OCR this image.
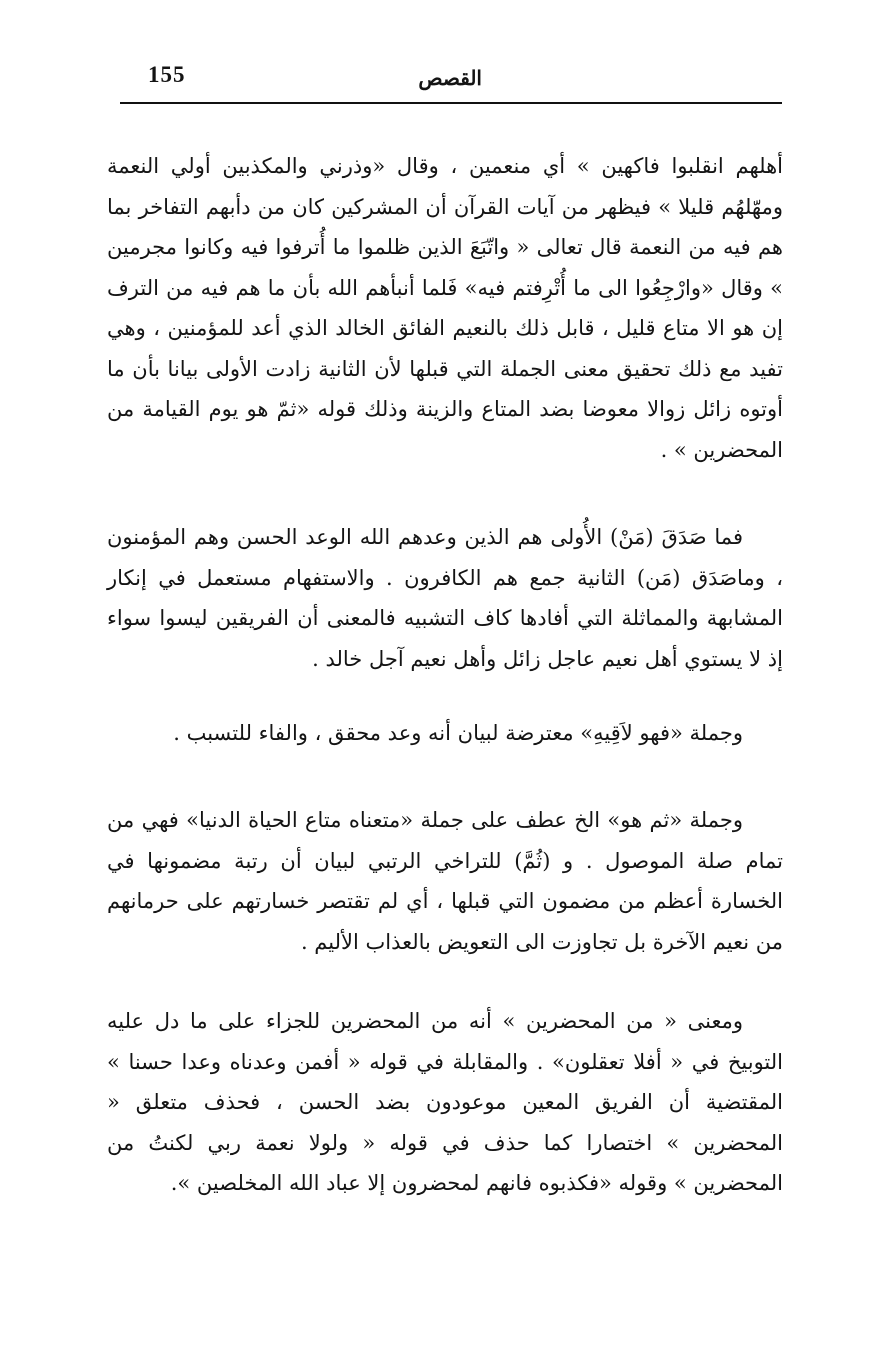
155	القصص

أهلهم انقلبوا فاكهين » أي منعمين ، وقال «وذرني والمكذبين أولي النعمة ومهّلهُم قليلا » فيظهر من آيات القرآن أن المشركين كان من دأبهم التفاخر بما هم فيه من النعمة قال تعالى « واتّبَعَ الذين ظلموا ما أُترفوا فيه وكانوا مجرمين » وقال «وارْجِعُوا الى ما أُتْرِفتم فيه» فَلما أنبأهم الله بأن ما هم فيه من الترف إن هو الا متاع قليل ، قابل ذلك بالنعيم الفائق الخالد الذي أعد للمؤمنين ، وهي تفيد مع ذلك تحقيق معنى الجملة التي قبلها لأن الثانية زادت الأولى بيانا بأن ما أوتوه زائل زوالا معوضا بضد المتاع والزينة وذلك قوله «ثمّ هو يوم القيامة من المحضرين » .

فما صَدَقَ (مَنْ) الأُولى هم الذين وعدهم الله الوعد الحسن وهم المؤمنون ، وماصَدَق (مَن) الثانية جمع هم الكافرون . والاستفهام مستعمل في إنكار المشابهة والمماثلة التي أفادها كاف التشبيه فالمعنى أن الفريقين ليسوا سواء إذ لا يستوي أهل نعيم عاجل زائل وأهل نعيم آجل خالد .

وجملة «فهو لاَقِيهِ» معترضة لبيان أنه وعد محقق ، والفاء للتسبب .

وجملة «ثم هو» الخ عطف على جملة «متعناه متاع الحياة الدنيا» فهي من تمام صلة الموصول . و (ثُمَّ) للتراخي الرتبي لبيان أن رتبة مضمونها في الخسارة أعظم من مضمون التي قبلها ، أي لم تقتصر خسارتهم على حرمانهم من نعيم الآخرة بل تجاوزت الى التعويض بالعذاب الأليم .

ومعنى « من المحضرين » أنه من المحضرين للجزاء على ما دل عليه التوبيخ في « أفلا تعقلون» . والمقابلة في قوله « أفمن وعدناه وعدا حسنا » المقتضية أن الفريق المعين موعودون بضد الحسن ، فحذف متعلق « المحضرين » اختصارا كما حذف في قوله « ولولا نعمة ربي لكنتُ من المحضرين » وقوله «فكذبوه فانهم لمحضرون إلا عباد الله المخلصين ».
